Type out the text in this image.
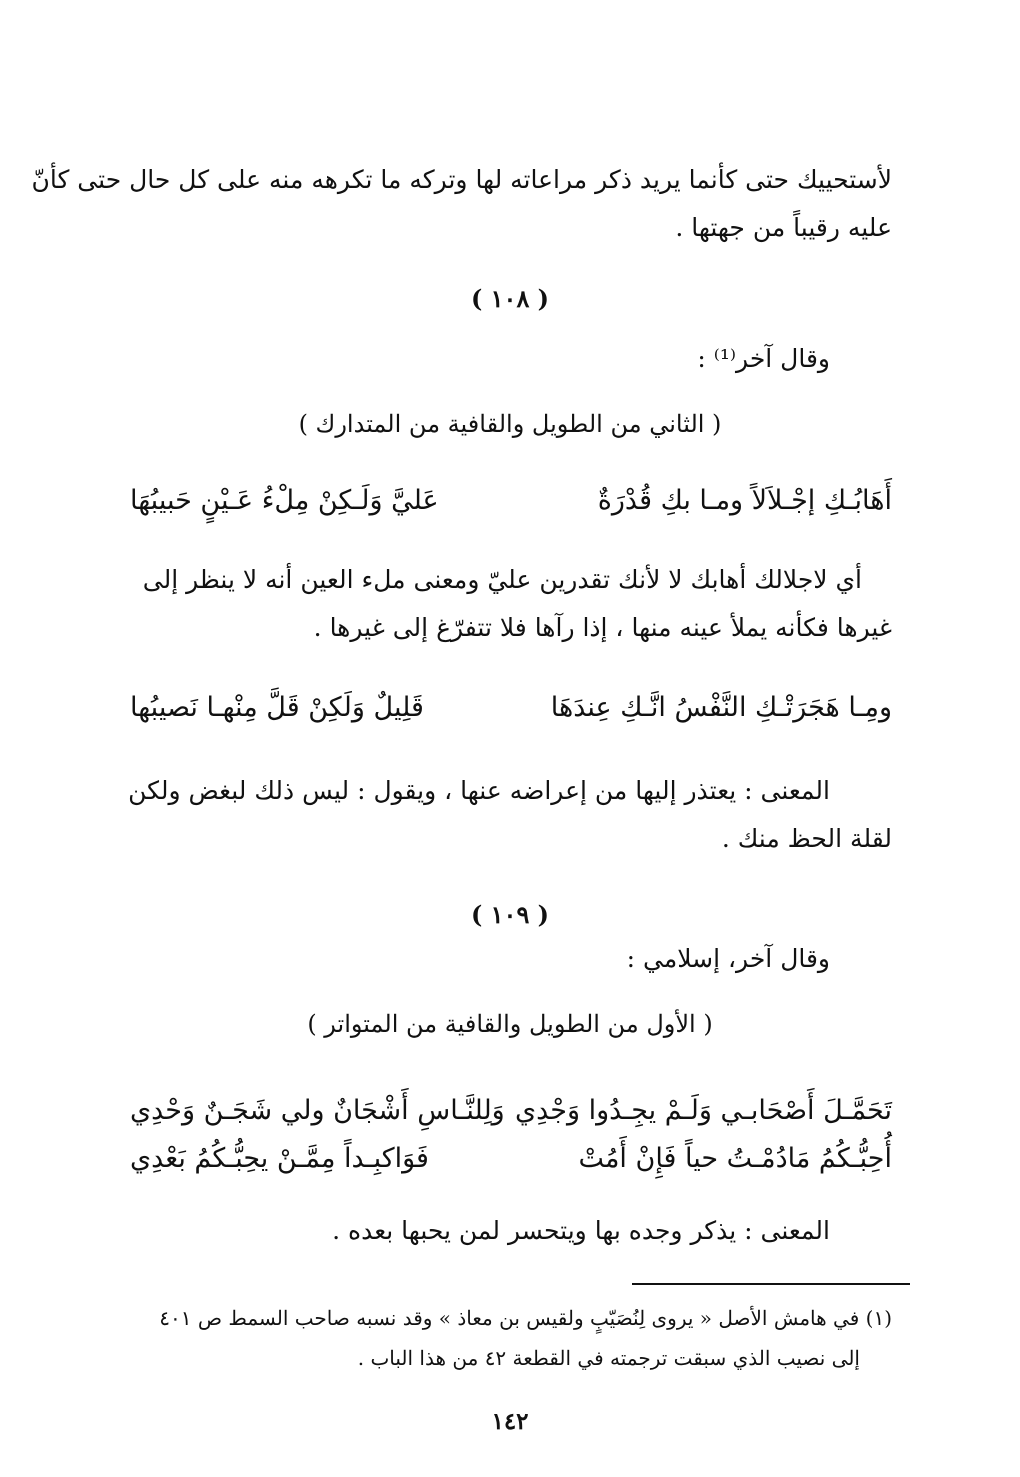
لأستحييك حتى كأنما يريد ذكر مراعاته لها وتركه ما تكرهه منه على كل حال حتى كأنّ
عليه رقيباً من جهتها .
( ١٠٨ )
وقال آخر⁽¹⁾ :
( الثاني من الطويل والقافية من المتدارك )
أَهَابُـكِ إجْـلاَلاً ومـا بكِ قُدْرَةٌ
عَليَّ وَلَـكِنْ مِلْءُ عَـيْنٍ حَبيبُهَا
أي لاجلالك أهابك لا لأنك تقدرين عليّ ومعنى ملء العين أنه لا ينظر إلى
غيرها فكأنه يملأ عينه منها ، إذا رآها فلا تتفرّغ إلى غيرها .
ومِـا هَجَرَتْـكِ النَّفْسُ انَّـكِ عِندَهَا
قَلِيلٌ وَلَكِنْ قَلَّ مِنْهـا نَصيبُها
المعنى : يعتذر إليها من إعراضه عنها ، ويقول : ليس ذلك لبغض ولكن
لقلة الحظ منك .
( ١٠٩ )
وقال آخر، إسلامي :
( الأول من الطويل والقافية من المتواتر )
تَحَمَّـلَ أَصْحَابـي وَلَـمْ يجِـدُوا وَجْدِي
وَلِلنَّـاسِ أَشْجَانٌ ولي شَجَـنٌ وَحْدِي
أُحِبُّـكُمُ مَادُمْـتُ حياً فَإِنْ أَمُتْ
فَوَاكبِـداً مِمَّـنْ يحِبُّـكُمُ بَعْدِي
المعنى : يذكر وجده بها ويتحسر لمن يحبها بعده .
(١) في هامش الأصل « يروى لِنُصَيّبٍ ولقيس بن معاذ » وقد نسبه صاحب السمط ص ٤٠١
إلى نصيب الذي سبقت ترجمته في القطعة ٤٢ من هذا الباب .
١٤٢
